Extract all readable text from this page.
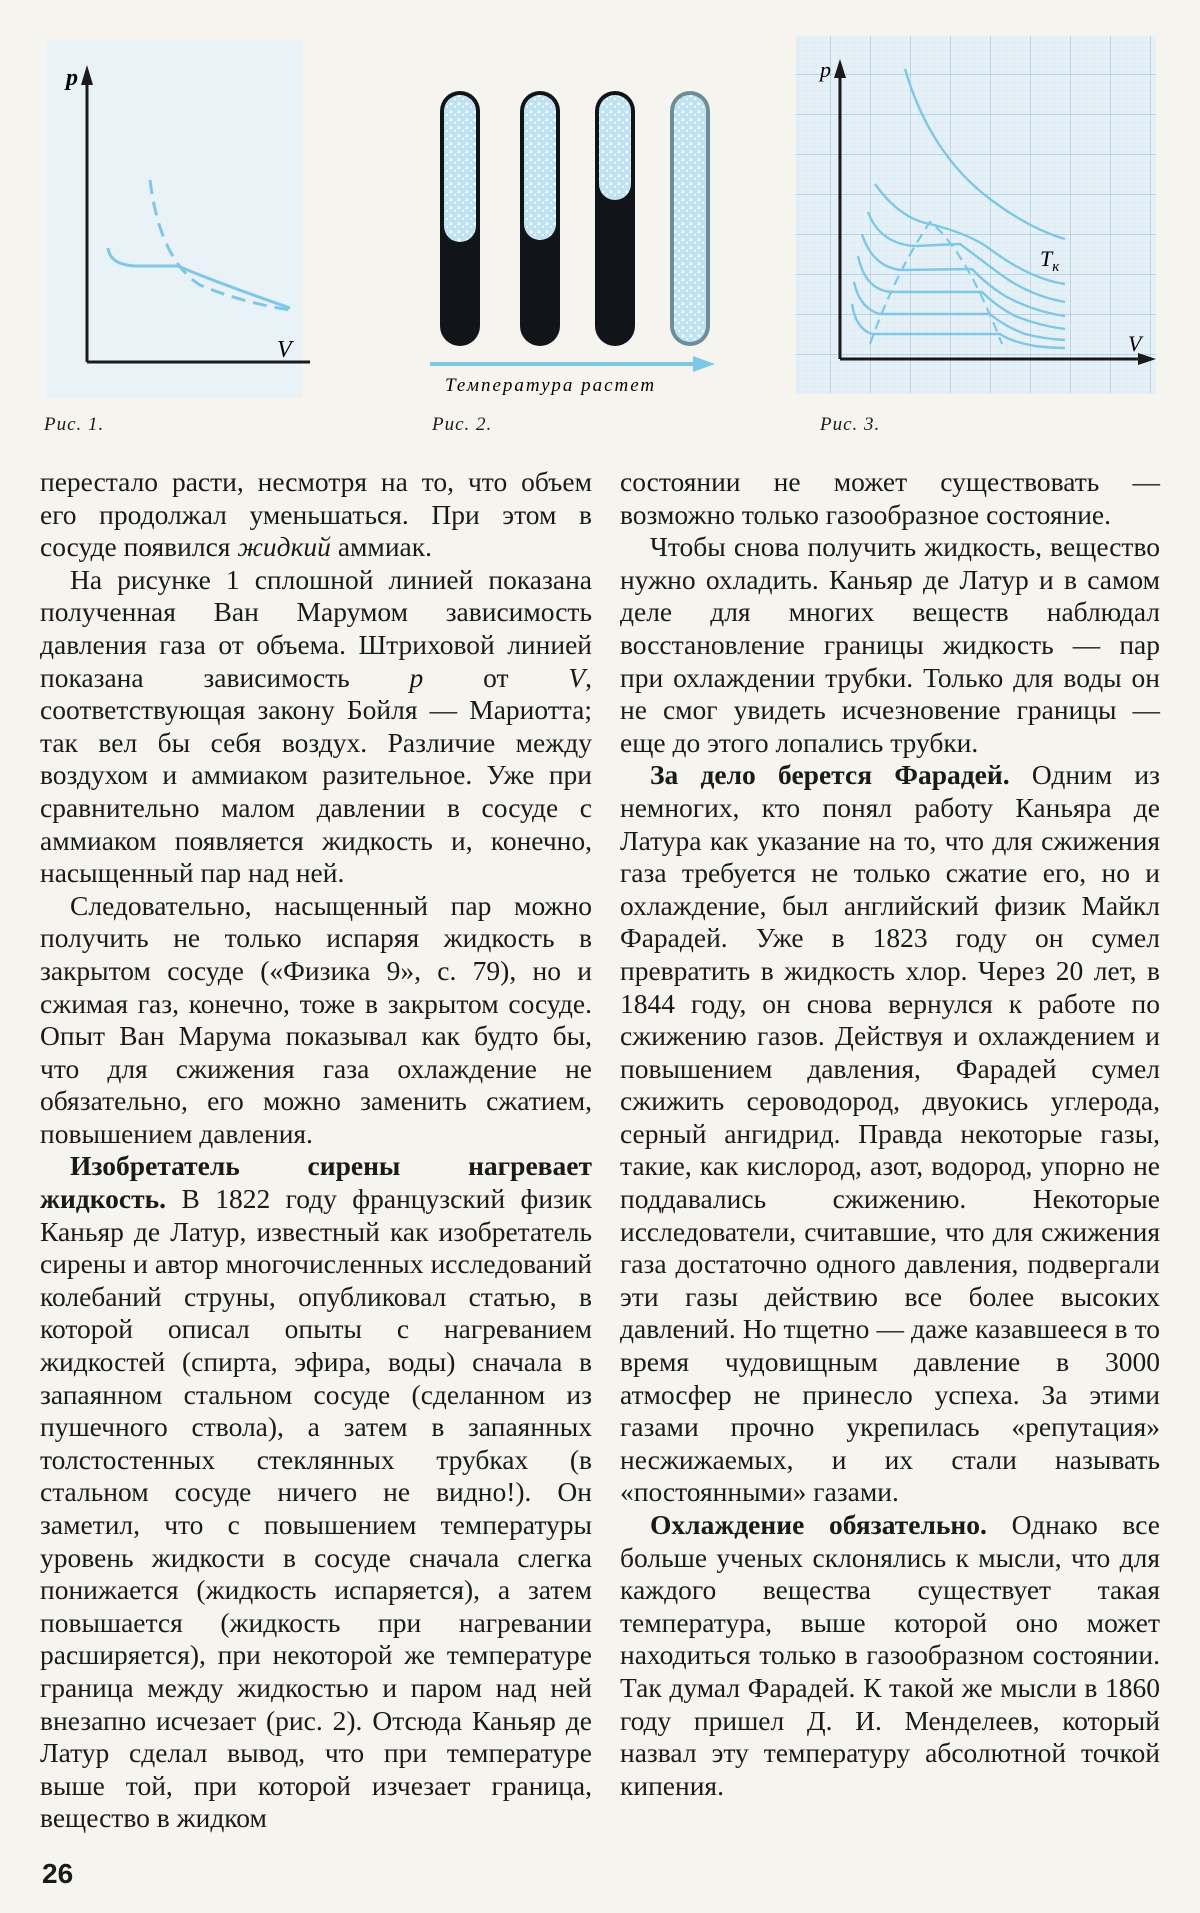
p
V
Рис. 1.
Температура растет
Рис. 2.
p
V
$T_к$
Рис. 3.

перестало расти, несмотря на то, что объем его продолжал уменьшаться. При этом в сосуде появился жидкий аммиак.

На рисунке 1 сплошной линией показана полученная Ван Марумом зависимость давления газа от объема. Штриховой линией показана зависимость p от V, соответствующая закону Бойля — Мариотта; так вел бы себя воздух. Различие между воздухом и аммиаком разительное. Уже при сравнительно малом давлении в сосуде с аммиаком появляется жидкость и, конечно, насыщенный пар над ней.

Следовательно, насыщенный пар можно получить не только испаряя жидкость в закрытом сосуде («Физика 9», с. 79), но и сжимая газ, конечно, тоже в закрытом сосуде. Опыт Ван Марума показывал как будто бы, что для сжижения газа охлаждение не обязательно, его можно заменить сжатием, повышением давления.

Изобретатель сирены нагревает жидкость. В 1822 году французский физик Каньяр де Латур, известный как изобретатель сирены и автор многочисленных исследований колебаний струны, опубликовал статью, в которой описал опыты с нагреванием жидкостей (спирта, эфира, воды) сначала в запаянном стальном сосуде (сделанном из пушечного ствола), а затем в запаянных толстостенных стеклянных трубках (в стальном сосуде ничего не видно!). Он заметил, что с повышением температуры уровень жидкости в сосуде сначала слегка понижается (жидкость испаряется), а затем повышается (жидкость при нагревании расширяется), при некоторой же температуре граница между жидкостью и паром над ней внезапно исчезает (рис. 2). Отсюда Каньяр де Латур сделал вывод, что при температуре выше той, при которой изчезает граница, вещество в жидком

состоянии не может существовать — возможно только газообразное состояние.

Чтобы снова получить жидкость, вещество нужно охладить. Каньяр де Латур и в самом деле для многих веществ наблюдал восстановление границы жидкость — пар при охлаждении трубки. Только для воды он не смог увидеть исчезновение границы — еще до этого лопались трубки.

За дело берется Фарадей. Одним из немногих, кто понял работу Каньяра де Латура как указание на то, что для сжижения газа требуется не только сжатие его, но и охлаждение, был английский физик Майкл Фарадей. Уже в 1823 году он сумел превратить в жидкость хлор. Через 20 лет, в 1844 году, он снова вернулся к работе по сжижению газов. Действуя и охлаждением и повышением давления, Фарадей сумел сжижить сероводород, двуокись углерода, серный ангидрид. Правда некоторые газы, такие, как кислород, азот, водород, упорно не поддавались сжижению. Некоторые исследователи, считавшие, что для сжижения газа достаточно одного давления, подвергали эти газы действию все более высоких давлений. Но тщетно — даже казавшееся в то время чудовищным давление в 3000 атмосфер не принесло успеха. За этими газами прочно укрепилась «репутация» несжижаемых, и их стали называть «постоянными» газами.

Охлаждение обязательно. Однако все больше ученых склонялись к мысли, что для каждого вещества существует такая температура, выше которой оно может находиться только в газообразном состоянии. Так думал Фарадей. К такой же мысли в 1860 году пришел Д. И. Менделеев, который назвал эту температуру абсолютной точкой кипения.

26
